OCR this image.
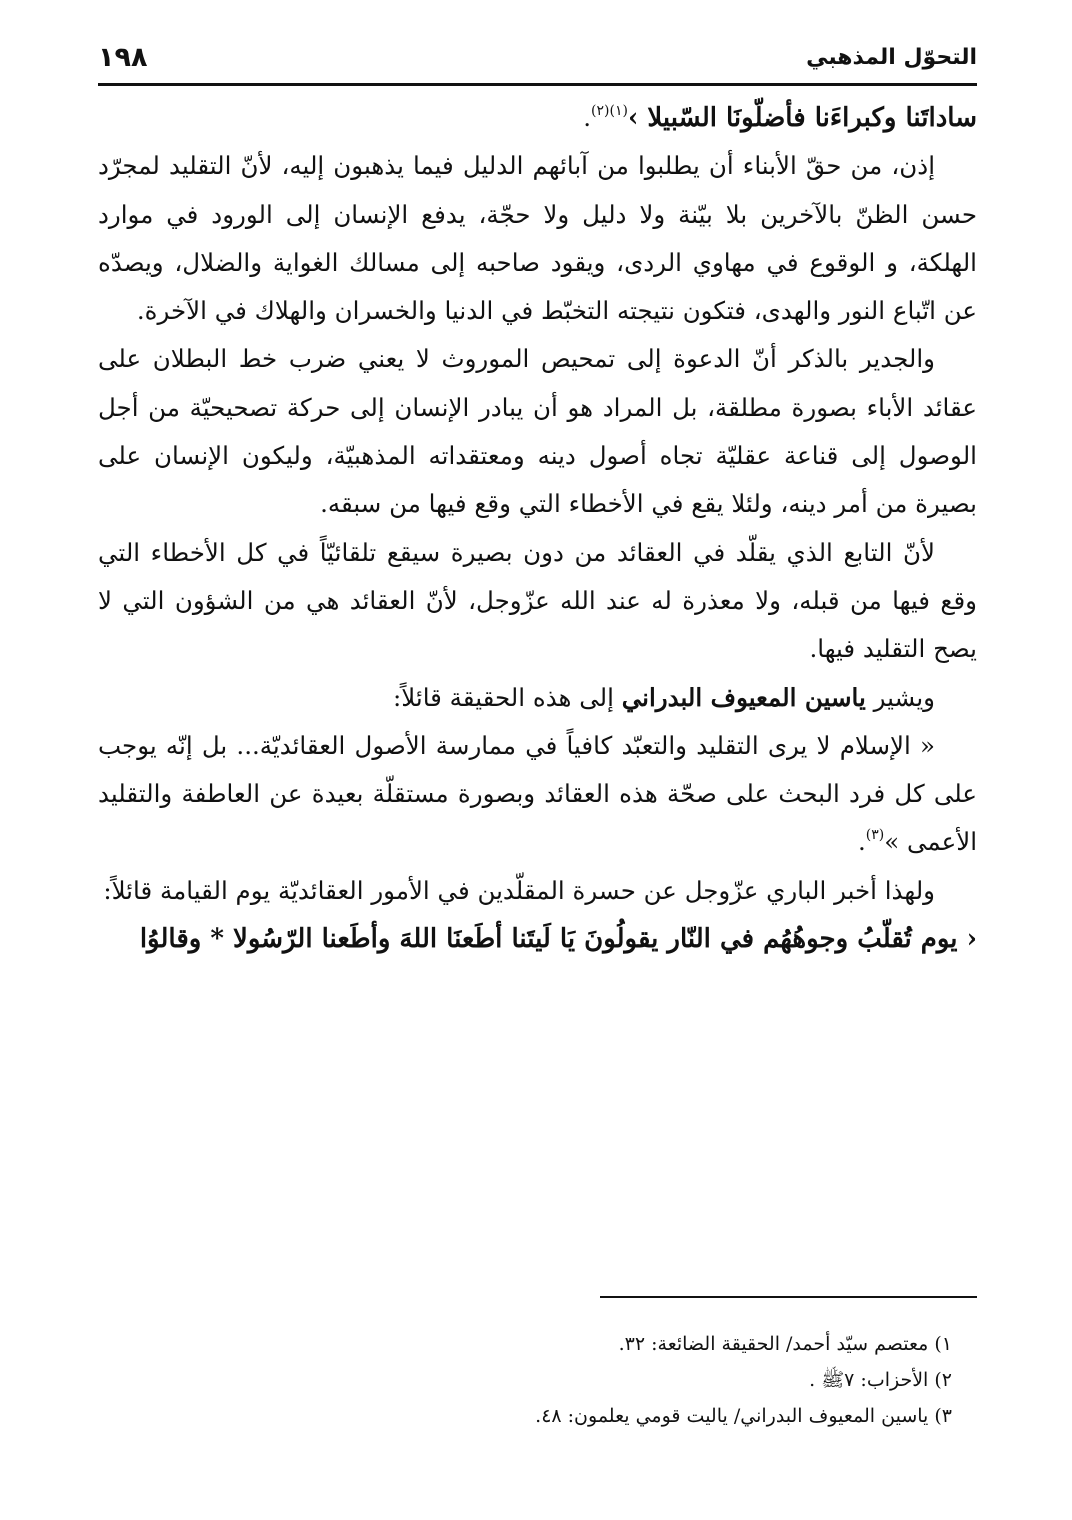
التحوّل المذهبي
١٩٨

ساداتَنا وكبراءَنا فأضلّونَا السّبيلا ›$^{(١)(٢)}$.

إذن، من حقّ الأبناء أن يطلبوا من آبائهم الدليل فيما يذهبون إليه، لأنّ التقليد لمجرّد حسن الظنّ بالآخرين بلا بيّنة ولا دليل ولا حجّة، يدفع الإنسان إلى الورود في موارد الهلكة، و الوقوع في مهاوي الردى، ويقود صاحبه إلى مسالك الغواية والضلال، ويصدّه عن اتّباع النور والهدى، فتكون نتيجته التخبّط في الدنيا والخسران والهلاك في الآخرة.

والجدير بالذكر أنّ الدعوة إلى تمحيص الموروث لا يعني ضرب خط البطلان على عقائد الأباء بصورة مطلقة، بل المراد هو أن يبادر الإنسان إلى حركة تصحيحيّة من أجل الوصول إلى قناعة عقليّة تجاه أصول دينه ومعتقداته المذهبيّة، وليكون الإنسان على بصيرة من أمر دينه، ولئلا يقع في الأخطاء التي وقع فيها من سبقه.

لأنّ التابع الذي يقلّد في العقائد من دون بصيرة سيقع تلقائيّاً في كل الأخطاء التي وقع فيها من قبله، ولا معذرة له عند الله عزّوجل، لأنّ العقائد هي من الشؤون التي لا يصح التقليد فيها.

ويشير ياسين المعيوف البدراني إلى هذه الحقيقة قائلاً:

« الإسلام لا يرى التقليد والتعبّد كافياً في ممارسة الأصول العقائديّة... بل إنّه يوجب على كل فرد البحث على صحّة هذه العقائد وبصورة مستقلّة بعيدة عن العاطفة والتقليد الأعمى »$^{(٣)}$.

ولهذا أخبر الباري عزّوجل عن حسرة المقلّدين في الأمور العقائديّة يوم القيامة قائلاً:

‹ يوم تُقلّبُ وجوهُهُم في النّار يقولُونَ يَا لَيتَنا أطَعنَا اللهَ وأطَعنا الرّسُولا * وقالوُا

١) معتصم سيّد أحمد/ الحقيقة الضائعة: ٣٢.

٢) الأحزاب: ٧ﷺ .

٣) ياسين المعيوف البدراني/ ياليت قومي يعلمون: ٤٨.
